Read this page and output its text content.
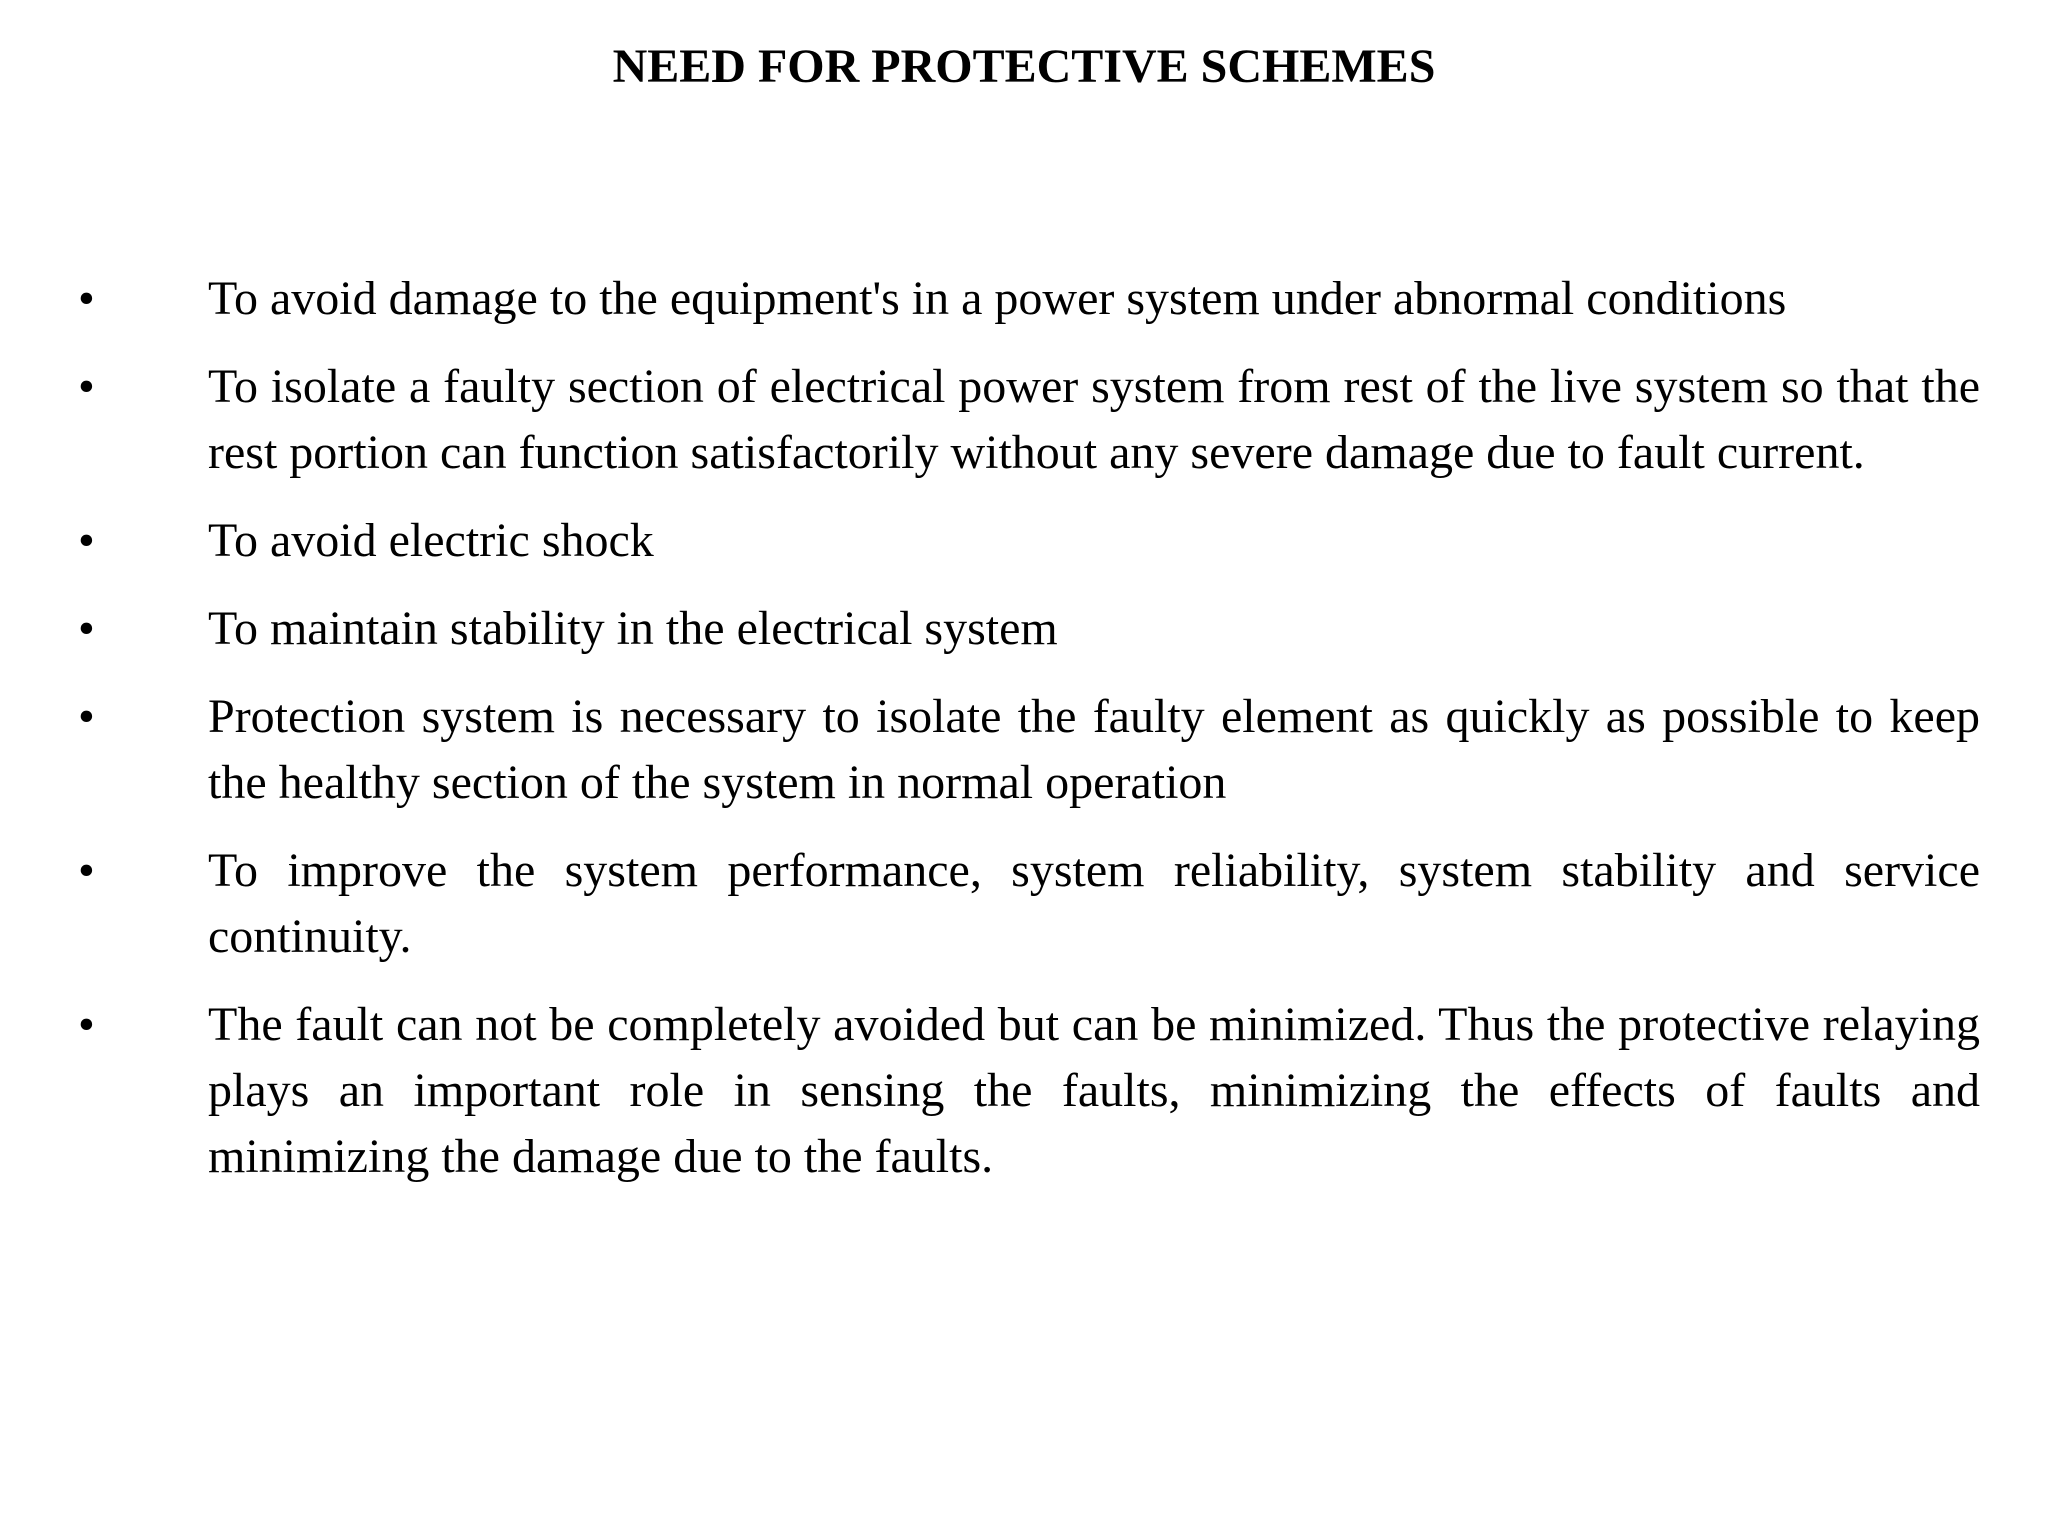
NEED FOR PROTECTIVE SCHEMES
• To avoid damage to the equipment's in a power system under abnormal conditions
• To isolate a faulty section of electrical power system from rest of the live system so that the rest portion can function satisfactorily without any severe damage due to fault current.
• To avoid electric shock
• To maintain stability in the electrical system
• Protection system is necessary to isolate the faulty element as quickly as possible to keep the healthy section of the system in normal operation
• To improve the system performance, system reliability, system stability and service continuity.
• The fault can not be completely avoided but can be minimized. Thus the protective relaying plays an important role in sensing the faults, minimizing the effects of faults and minimizing the damage due to the faults.
